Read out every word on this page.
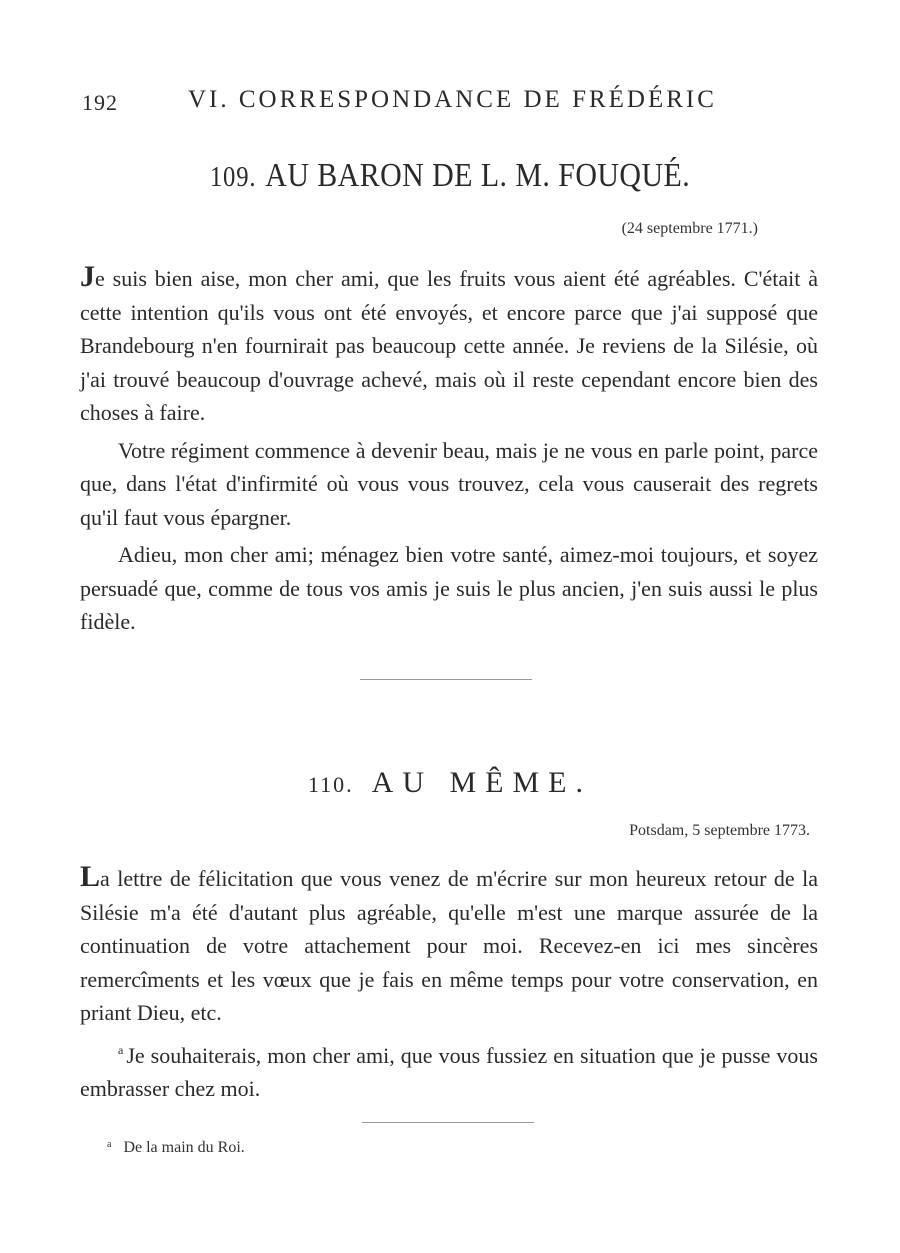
192	VI. CORRESPONDANCE DE FRÉDÉRIC
109. AU BARON DE L. M. FOUQUÉ.
(24 septembre 1771.)

Je suis bien aise, mon cher ami, que les fruits vous aient été agréables. C'était à cette intention qu'ils vous ont été envoyés, et encore parce que j'ai supposé que Brandebourg n'en fournirait pas beaucoup cette année. Je reviens de la Silésie, où j'ai trouvé beaucoup d'ouvrage achevé, mais où il reste cependant encore bien des choses à faire.

Votre régiment commence à devenir beau, mais je ne vous en parle point, parce que, dans l'état d'infirmité où vous vous trouvez, cela vous causerait des regrets qu'il faut vous épargner.

Adieu, mon cher ami; ménagez bien votre santé, aimez-moi toujours, et soyez persuadé que, comme de tous vos amis je suis le plus ancien, j'en suis aussi le plus fidèle.

110. AU MÊME.
Potsdam, 5 septembre 1773.

La lettre de félicitation que vous venez de m'écrire sur mon heureux retour de la Silésie m'a été d'autant plus agréable, qu'elle m'est une marque assurée de la continuation de votre attachement pour moi. Recevez-en ici mes sincères remercîments et les vœux que je fais en même temps pour votre conservation, en priant Dieu, etc.

$^a$ Je souhaiterais, mon cher ami, que vous fussiez en situation que je pusse vous embrasser chez moi.

$^a$ De la main du Roi.
